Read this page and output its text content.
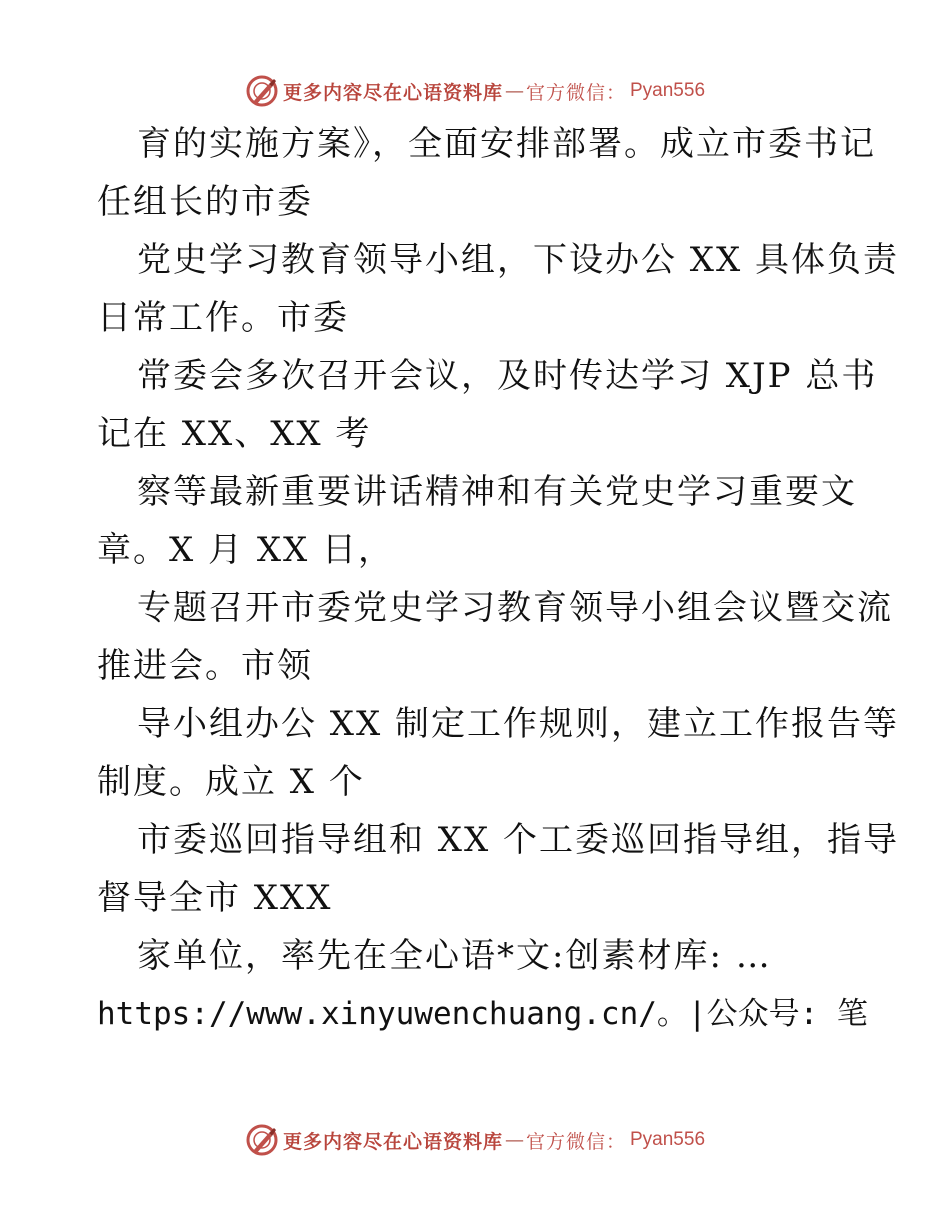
更多内容尽在心语资料库 — 官方微信： Pyan556
育的实施方案》，全面安排部署。成立市委书记
任组长的市委
党史学习教育领导小组，下设办公 XX 具体负责
日常工作。市委
常委会多次召开会议，及时传达学习 XJP 总书
记在 XX、XX 考
察等最新重要讲话精神和有关党史学习重要文
章。X 月 XX 日，
专题召开市委党史学习教育领导小组会议暨交流
推进会。市领
导小组办公 XX 制定工作规则，建立工作报告等
制度。成立 X 个
市委巡回指导组和 XX 个工委巡回指导组，指导
督导全市 XXX
家单位，率先在全心语*文:创素材库: …
https://www.xinyuwenchuang.cn/。|公众号: 笔
更多内容尽在心语资料库 — 官方微信： Pyan556
